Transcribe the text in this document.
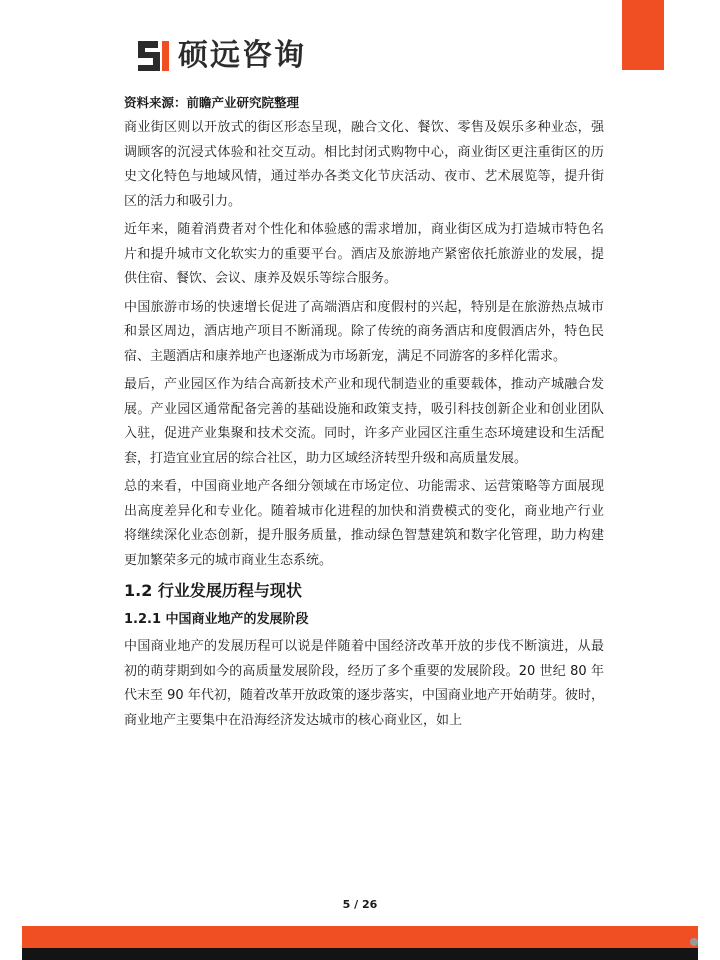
硕远咨询

资料来源：前瞻产业研究院整理

商业街区则以开放式的街区形态呈现，融合文化、餐饮、零售及娱乐多种业态，强调顾客的沉浸式体验和社交互动。相比封闭式购物中心，商业街区更注重街区的历史文化特色与地域风情，通过举办各类文化节庆活动、夜市、艺术展览等，提升街区的活力和吸引力。

近年来，随着消费者对个性化和体验感的需求增加，商业街区成为打造城市特色名片和提升城市文化软实力的重要平台。酒店及旅游地产紧密依托旅游业的发展，提供住宿、餐饮、会议、康养及娱乐等综合服务。

中国旅游市场的快速增长促进了高端酒店和度假村的兴起，特别是在旅游热点城市和景区周边，酒店地产项目不断涌现。除了传统的商务酒店和度假酒店外，特色民宿、主题酒店和康养地产也逐渐成为市场新宠，满足不同游客的多样化需求。

最后，产业园区作为结合高新技术产业和现代制造业的重要载体，推动产城融合发展。产业园区通常配备完善的基础设施和政策支持，吸引科技创新企业和创业团队入驻，促进产业集聚和技术交流。同时，许多产业园区注重生态环境建设和生活配套，打造宜业宜居的综合社区，助力区域经济转型升级和高质量发展。

总的来看，中国商业地产各细分领域在市场定位、功能需求、运营策略等方面展现出高度差异化和专业化。随着城市化进程的加快和消费模式的变化，商业地产行业将继续深化业态创新，提升服务质量，推动绿色智慧建筑和数字化管理，助力构建更加繁荣多元的城市商业生态系统。

1.2 行业发展历程与现状
1.2.1 中国商业地产的发展阶段

中国商业地产的发展历程可以说是伴随着中国经济改革开放的步伐不断演进，从最初的萌芽期到如今的高质量发展阶段，经历了多个重要的发展阶段。20 世纪 80 年代末至 90 年代初，随着改革开放政策的逐步落实，中国商业地产开始萌芽。彼时，商业地产主要集中在沿海经济发达城市的核心商业区，如上

5 / 26
